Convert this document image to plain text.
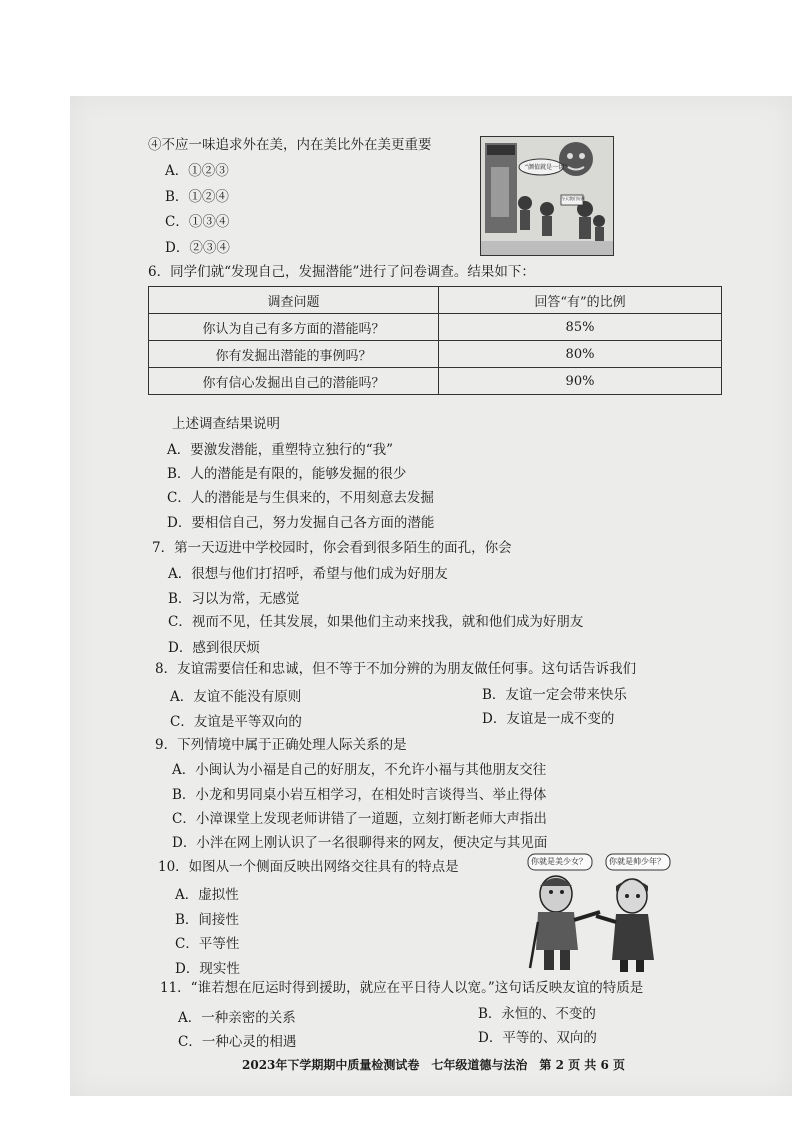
④不应一味追求外在美，内在美比外在美更重要
A．①②③
B．①②④
C．①③④
D．②③④
“颜值就是一切”
今天我们好靓
6．同学们就“发现自己，发掘潜能”进行了问卷调查。结果如下：
调查问题	回答“有”的比例
你认为自己有多方面的潜能吗？	85%
你有发掘出潜能的事例吗？	80%
你有信心发掘出自己的潜能吗？	90%
上述调查结果说明
A．要激发潜能，重塑特立独行的“我”
B．人的潜能是有限的，能够发掘的很少
C．人的潜能是与生俱来的，不用刻意去发掘
D．要相信自己，努力发掘自己各方面的潜能
7．第一天迈进中学校园时，你会看到很多陌生的面孔，你会
A．很想与他们打招呼，希望与他们成为好朋友
B．习以为常，无感觉
C．视而不见，任其发展，如果他们主动来找我，就和他们成为好朋友
D．感到很厌烦
8．友谊需要信任和忠诚，但不等于不加分辨的为朋友做任何事。这句话告诉我们
A．友谊不能没有原则	B．友谊一定会带来快乐
C．友谊是平等双向的	D．友谊是一成不变的
9．下列情境中属于正确处理人际关系的是
A．小闽认为小福是自己的好朋友，不允许小福与其他朋友交往
B．小龙和男同桌小岩互相学习，在相处时言谈得当、举止得体
C．小漳课堂上发现老师讲错了一道题，立刻打断老师大声指出
D．小泮在网上刚认识了一名很聊得来的网友，便决定与其见面
10．如图从一个侧面反映出网络交往具有的特点是
A．虚拟性
B．间接性
C．平等性
D．现实性
你就是美少女？	你就是帅少年？
11．“谁若想在厄运时得到援助，就应在平日待人以宽。”这句话反映友谊的特质是
A．一种亲密的关系	B．永恒的、不变的
C．一种心灵的相遇	D．平等的、双向的
2023年下学期期中质量检测试卷　七年级道德与法治　第 2 页 共 6 页
